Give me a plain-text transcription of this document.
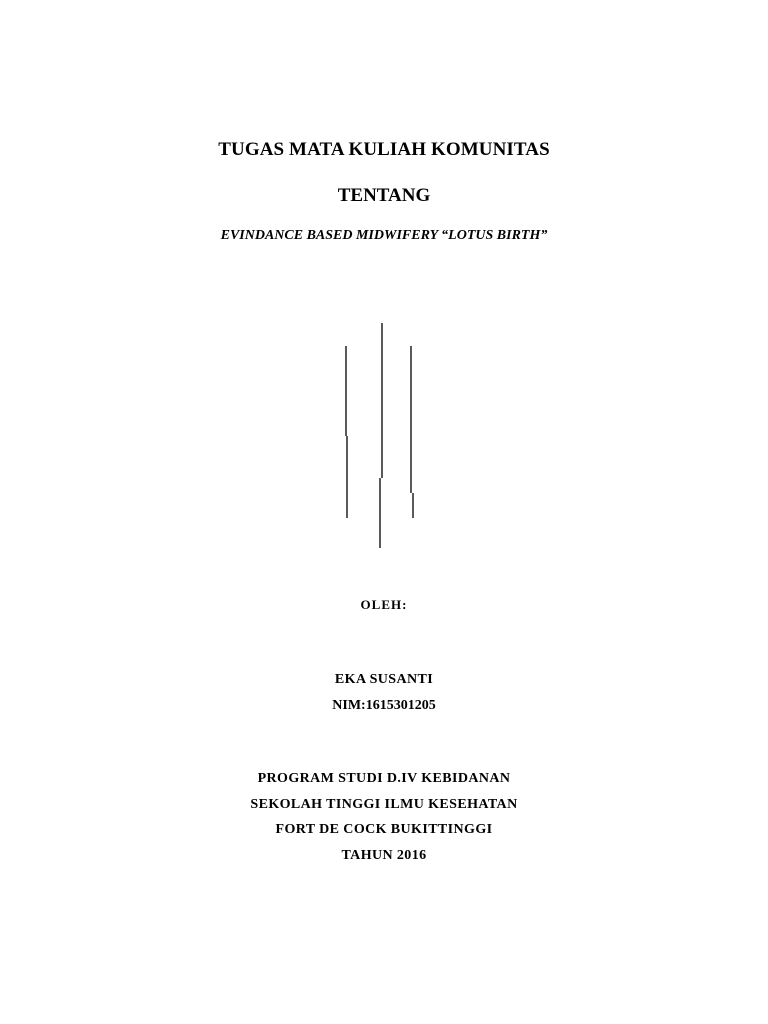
TUGAS MATA KULIAH KOMUNITAS
TENTANG
EVINDANCE BASED MIDWIFERY “LOTUS BIRTH”
OLEH:
EKA SUSANTI
NIM:1615301205
PROGRAM STUDI D.IV KEBIDANAN
SEKOLAH TINGGI ILMU KESEHATAN
FORT DE COCK BUKITTINGGI
TAHUN 2016
